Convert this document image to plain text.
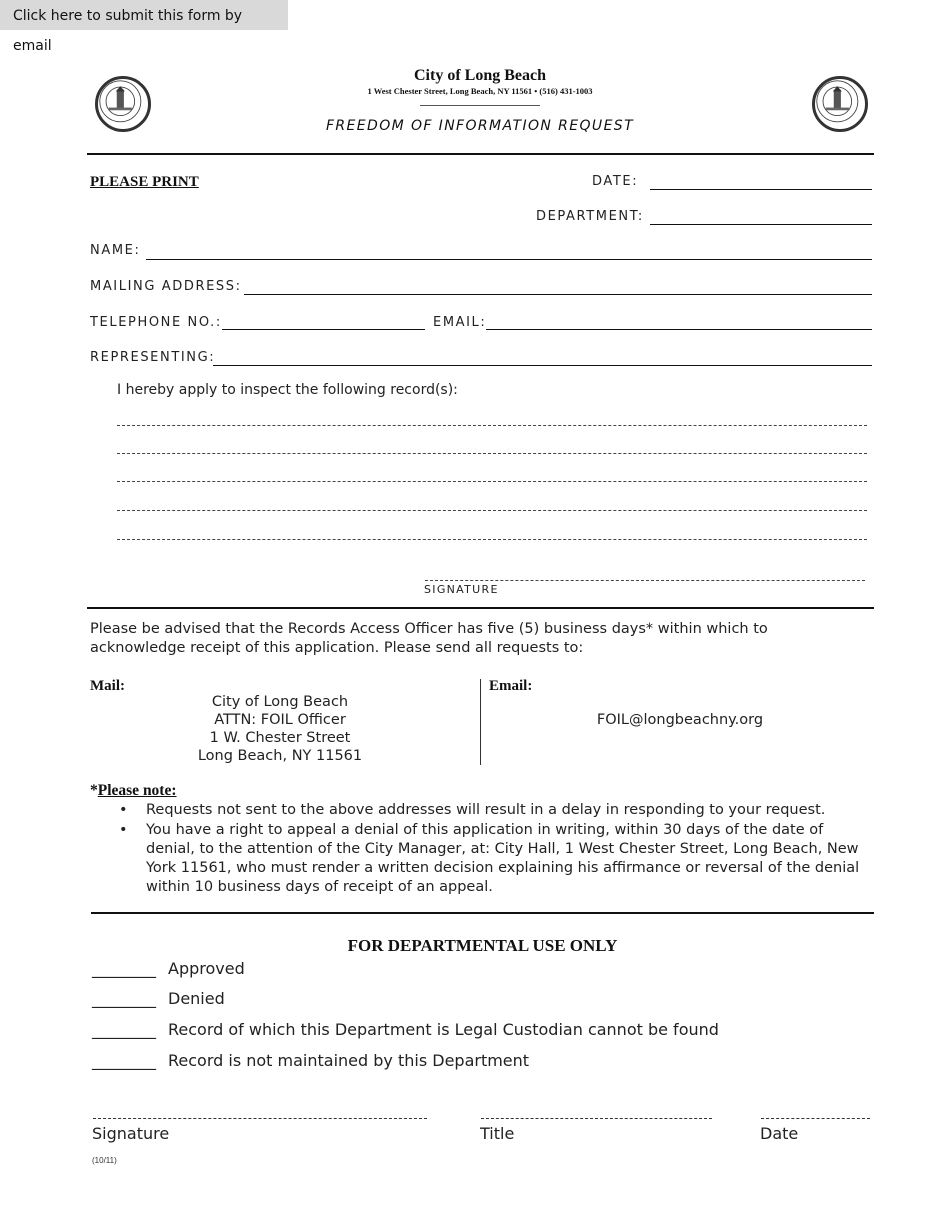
Click here to submit this form by email
City of Long Beach
1 West Chester Street, Long Beach, NY 11561 • (516) 431-1003
FREEDOM OF INFORMATION REQUEST
PLEASE PRINT	DATE:
DEPARTMENT:
NAME:
MAILING ADDRESS:
TELEPHONE NO.:	EMAIL:
REPRESENTING:
I hereby apply to inspect the following record(s):
SIGNATURE
Please be advised that the Records Access Officer has five (5) business days* within which to acknowledge receipt of this application. Please send all requests to:
Mail:
City of Long Beach
ATTN: FOIL Officer
1 W. Chester Street
Long Beach, NY 11561
Email:
FOIL@longbeachny.org
*Please note:
• Requests not sent to the above addresses will result in a delay in responding to your request.
• You have a right to appeal a denial of this application in writing, within 30 days of the date of denial, to the attention of the City Manager, at: City Hall, 1 West Chester Street, Long Beach, New York 11561, who must render a written decision explaining his affirmance or reversal of the denial within 10 business days of receipt of an appeal.
FOR DEPARTMENTAL USE ONLY
________ Approved
________ Denied
________ Record of which this Department is Legal Custodian cannot be found
________ Record is not maintained by this Department
Signature	Title	Date
(10/11)
